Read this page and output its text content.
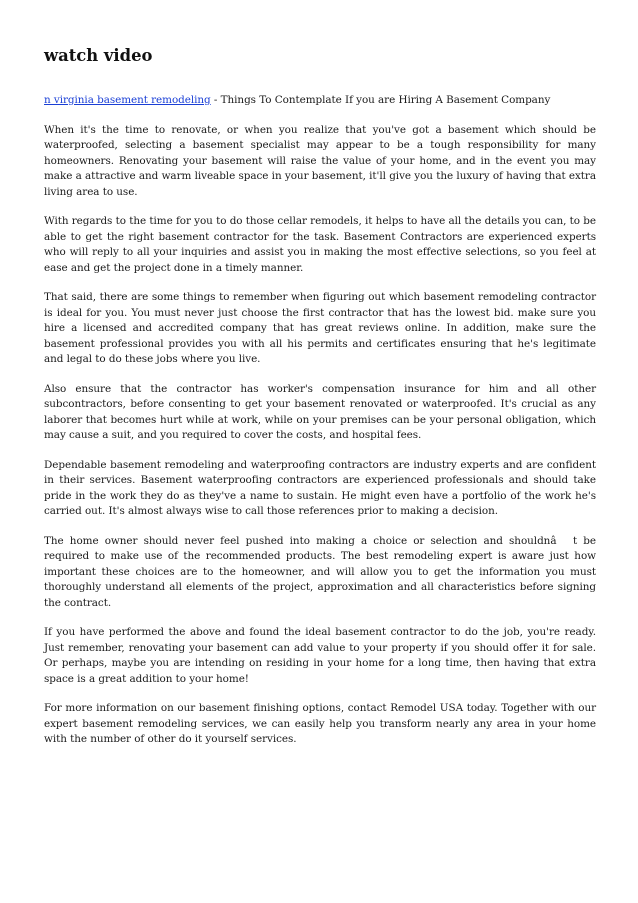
watch video

n virginia basement remodeling - Things To Contemplate If you are Hiring A Basement Company

When it's the time to renovate, or when you realize that you've got a basement which should be waterproofed, selecting a basement specialist may appear to be a tough responsibility for many homeowners. Renovating your basement will raise the value of your home, and in the event you may make a attractive and warm liveable space in your basement, it'll give you the luxury of having that extra living area to use.

With regards to the time for you to do those cellar remodels, it helps to have all the details you can, to be able to get the right basement contractor for the task. Basement Contractors are experienced experts who will reply to all your inquiries and assist you in making the most effective selections, so you feel at ease and get the project done in a timely manner.

That said, there are some things to remember when figuring out which basement remodeling contractor is ideal for you. You must never just choose the first contractor that has the lowest bid. make sure you hire a licensed and accredited company that has great reviews online. In addition, make sure the basement professional provides you with all his permits and certificates ensuring that he's legitimate and legal to do these jobs where you live.

Also ensure that the contractor has worker's compensation insurance for him and all other subcontractors, before consenting to get your basement renovated or waterproofed. It's crucial as any laborer that becomes hurt while at work, while on your premises can be your personal obligation, which may cause a suit, and you required to cover the costs, and hospital fees.

Dependable basement remodeling and waterproofing contractors are industry experts and are confident in their services. Basement waterproofing contractors are experienced professionals and should take pride in the work they do as they've a name to sustain. He might even have a portfolio of the work he's carried out. It's almost always wise to call those references prior to making a decision.

The home owner should never feel pushed into making a choice or selection and shouldnât be required to make use of the recommended products. The best remodeling expert is aware just how important these choices are to the homeowner, and will allow you to get the information you must thoroughly understand all elements of the project, approximation and all characteristics before signing the contract.

If you have performed the above and found the ideal basement contractor to do the job, you're ready. Just remember, renovating your basement can add value to your property if you should offer it for sale. Or perhaps, maybe you are intending on residing in your home for a long time, then having that extra space is a great addition to your home!

For more information on our basement finishing options, contact Remodel USA today. Together with our expert basement remodeling services, we can easily help you transform nearly any area in your home with the number of other do it yourself services.
